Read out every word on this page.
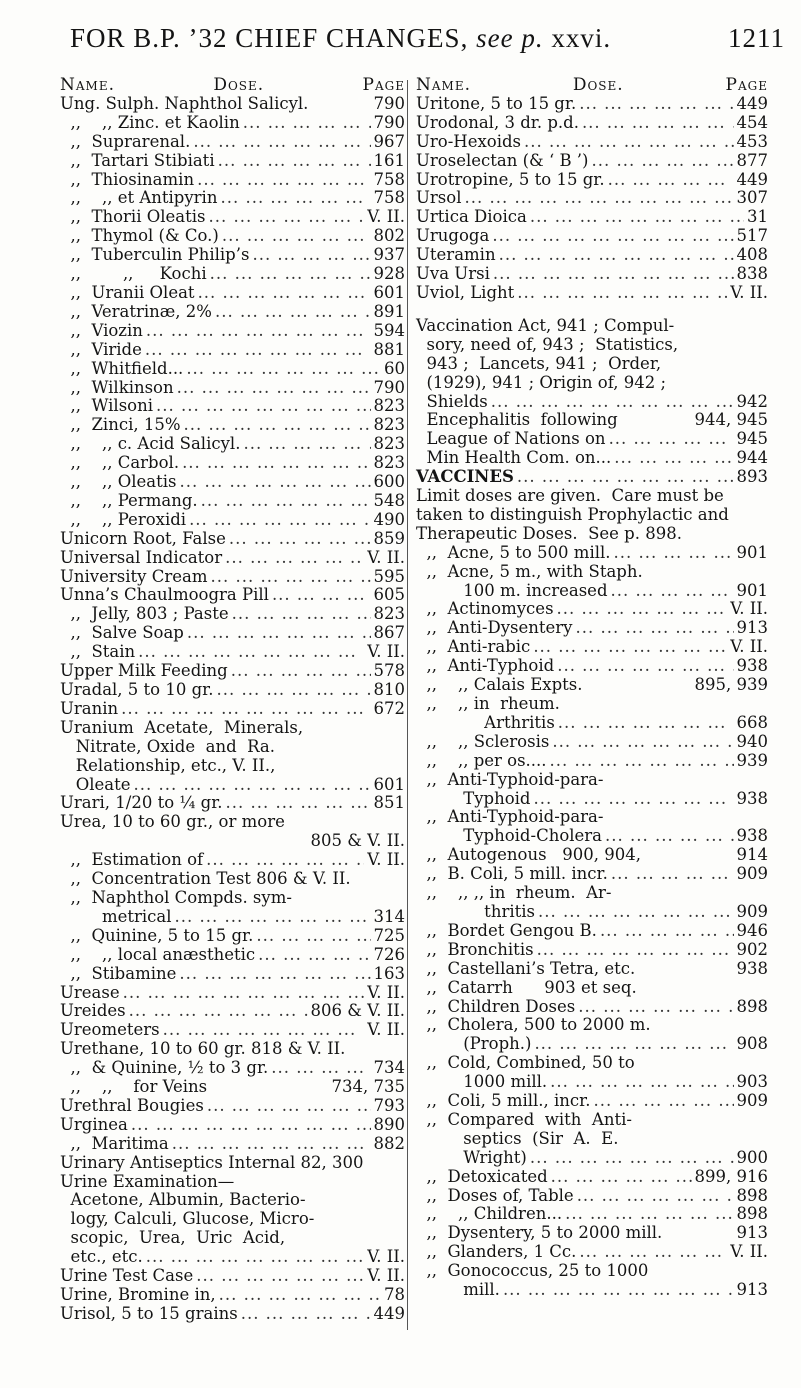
FOR B.P. ’32 CHIEF CHANGES, see p. xxvi.	1211
Name.	Dose.	Page
Ung. Sulph. Naphthol Salicyl.	790
,,    ,, Zinc. et Kaolin ... .	790
,,  Suprarenal. ... .	967
,,  Tartari Stibiati ... .	161
,,  Thiosinamin ... .	758
,,    ,, et Antipyrin ... .	758
,,  Thorii Oleatis ... .	V. II.
,,  Thymol (& Co.) ... .	802
,,  Tuberculin Philip’s ... .	937
,,        ,,     Kochi ... .	928
,,  Uranii Oleat ... .	601
,,  Veratrinæ, 2% ... .	891
,,  Viozin ... .	594
,,  Viride ... .	881
,,  Whitfield... ... .	60
,,  Wilkinson ... .	790
,,  Wilsoni ... .	823
,,  Zinci, 15% ... .	823
,,    ,, c. Acid Salicyl. ... .	823
,,    ,, Carbol. ... .	823
,,    ,, Oleatis ... .	600
,,    ,, Permang. ... .	548
,,    ,, Peroxidi ... .	490
Unicorn Root, False ... .	859
Universal Indicator ... .	V. II.
University Cream ... .	595
Unna’s Chaulmoogra Pill ... .	605
,,  Jelly, 803 ; Paste ... .	823
,,  Salve Soap ... .	867
,,  Stain ... .	V. II.
Upper Milk Feeding ... .	578
Uradal, 5 to 10 gr. ... .	810
Uranin ... .	672
Uranium  Acetate,  Minerals,
Nitrate, Oxide  and  Ra.
Relationship, etc., V. II.,
Oleate ... .	601
Urari, 1/20 to ¼ gr. ... .	851
Urea, 10 to 60 gr., or more
805 & V. II.
,,  Estimation of ... .	V. II.
,,  Concentration Test 806 & V. II.
,,  Naphthol Compds. sym-
metrical ... .	314
,,  Quinine, 5 to 15 gr. ... .	725
,,    ,, local anæsthetic ... .	726
,,  Stibamine ... .	163
Urease ... .	V. II.
Ureides ... .	806 & V. II.
Ureometers ... .	V. II.
Urethane, 10 to 60 gr. 818 & V. II.
,,  & Quinine, ½ to 3 gr. ... .	734
,,    ,,    for Veins	734, 735
Urethral Bougies ... .	793
Urginea ... .	890
,,  Maritima ... .	882
Urinary Antiseptics Internal 82, 300
Urine Examination—
Acetone, Albumin, Bacterio-
logy, Calculi, Glucose, Micro-
scopic,  Urea,  Uric  Acid,
etc., etc. ... .	V. II.
Urine Test Case ... .	V. II.
Urine, Bromine in, ... .	78
Urisol, 5 to 15 grains ... .	449
Name.	Dose.	Page
Uritone, 5 to 15 gr. ... .	449
Urodonal, 3 dr. p.d. ... .	454
Uro-Hexoids ... .	453
Uroselectan (& ‘ B ’) ... .	877
Urotropine, 5 to 15 gr. ... .	449
Ursol ... .	307
Urtica Dioica ... .	31
Urugoga ... .	517
Uteramin ... .	408
Uva Ursi ... .	838
Uviol, Light ... .	V. II.
Vaccination Act, 941 ; Compul-
sory, need of, 943 ;  Statistics,
943 ;  Lancets, 941 ;  Order,
(1929), 941 ; Origin of, 942 ;
Shields ... .	942
Encephalitis  following	944, 945
League of Nations on ... .	945
Min Health Com. on... ... .	944
VACCINES ... .	893
Limit doses are given.  Care must be
taken to distinguish Prophylactic and
Therapeutic Doses.  See p. 898.
,,  Acne, 5 to 500 mill. ... .	901
,,  Acne, 5 m., with Staph.
100 m. increased ... .	901
,,  Actinomyces ... .	V. II.
,,  Anti-Dysentery ... .	913
,,  Anti-rabic ... .	V. II.
,,  Anti-Typhoid ... .	938
,,    ,, Calais Expts.	895, 939
,,    ,, in  rheum.
Arthritis ... .	668
,,    ,, Sclerosis ... .	940
,,    ,, per os.... ... .	939
,,  Anti-Typhoid-para-
Typhoid ... .	938
,,  Anti-Typhoid-para-
Typhoid-Cholera ... .	938
,,  Autogenous   900, 904,	914
,,  B. Coli, 5 mill. incr. ... .	909
,,    ,, ,, in  rheum.  Ar-
thritis ... .	909
,,  Bordet Gengou B. ... .	946
,,  Bronchitis ... .	902
,,  Castellani’s Tetra, etc.	938
,,  Catarrh      903 et seq.
,,  Children Doses ... .	898
,,  Cholera, 500 to 2000 m.
(Proph.) ... .	908
,,  Cold, Combined, 50 to
1000 mill. ... .	903
,,  Coli, 5 mill., incr. ... .	909
,,  Compared  with  Anti-
septics  (Sir  A.  E.
Wright) ... .	900
,,  Detoxicated ... .	899, 916
,,  Doses of, Table ... .	898
,,    ,, Children... ... .	898
,,  Dysentery, 5 to 2000 mill.	913
,,  Glanders, 1 Cc. ... .	V. II.
,,  Gonococcus, 25 to 1000
mill. ... .	913
